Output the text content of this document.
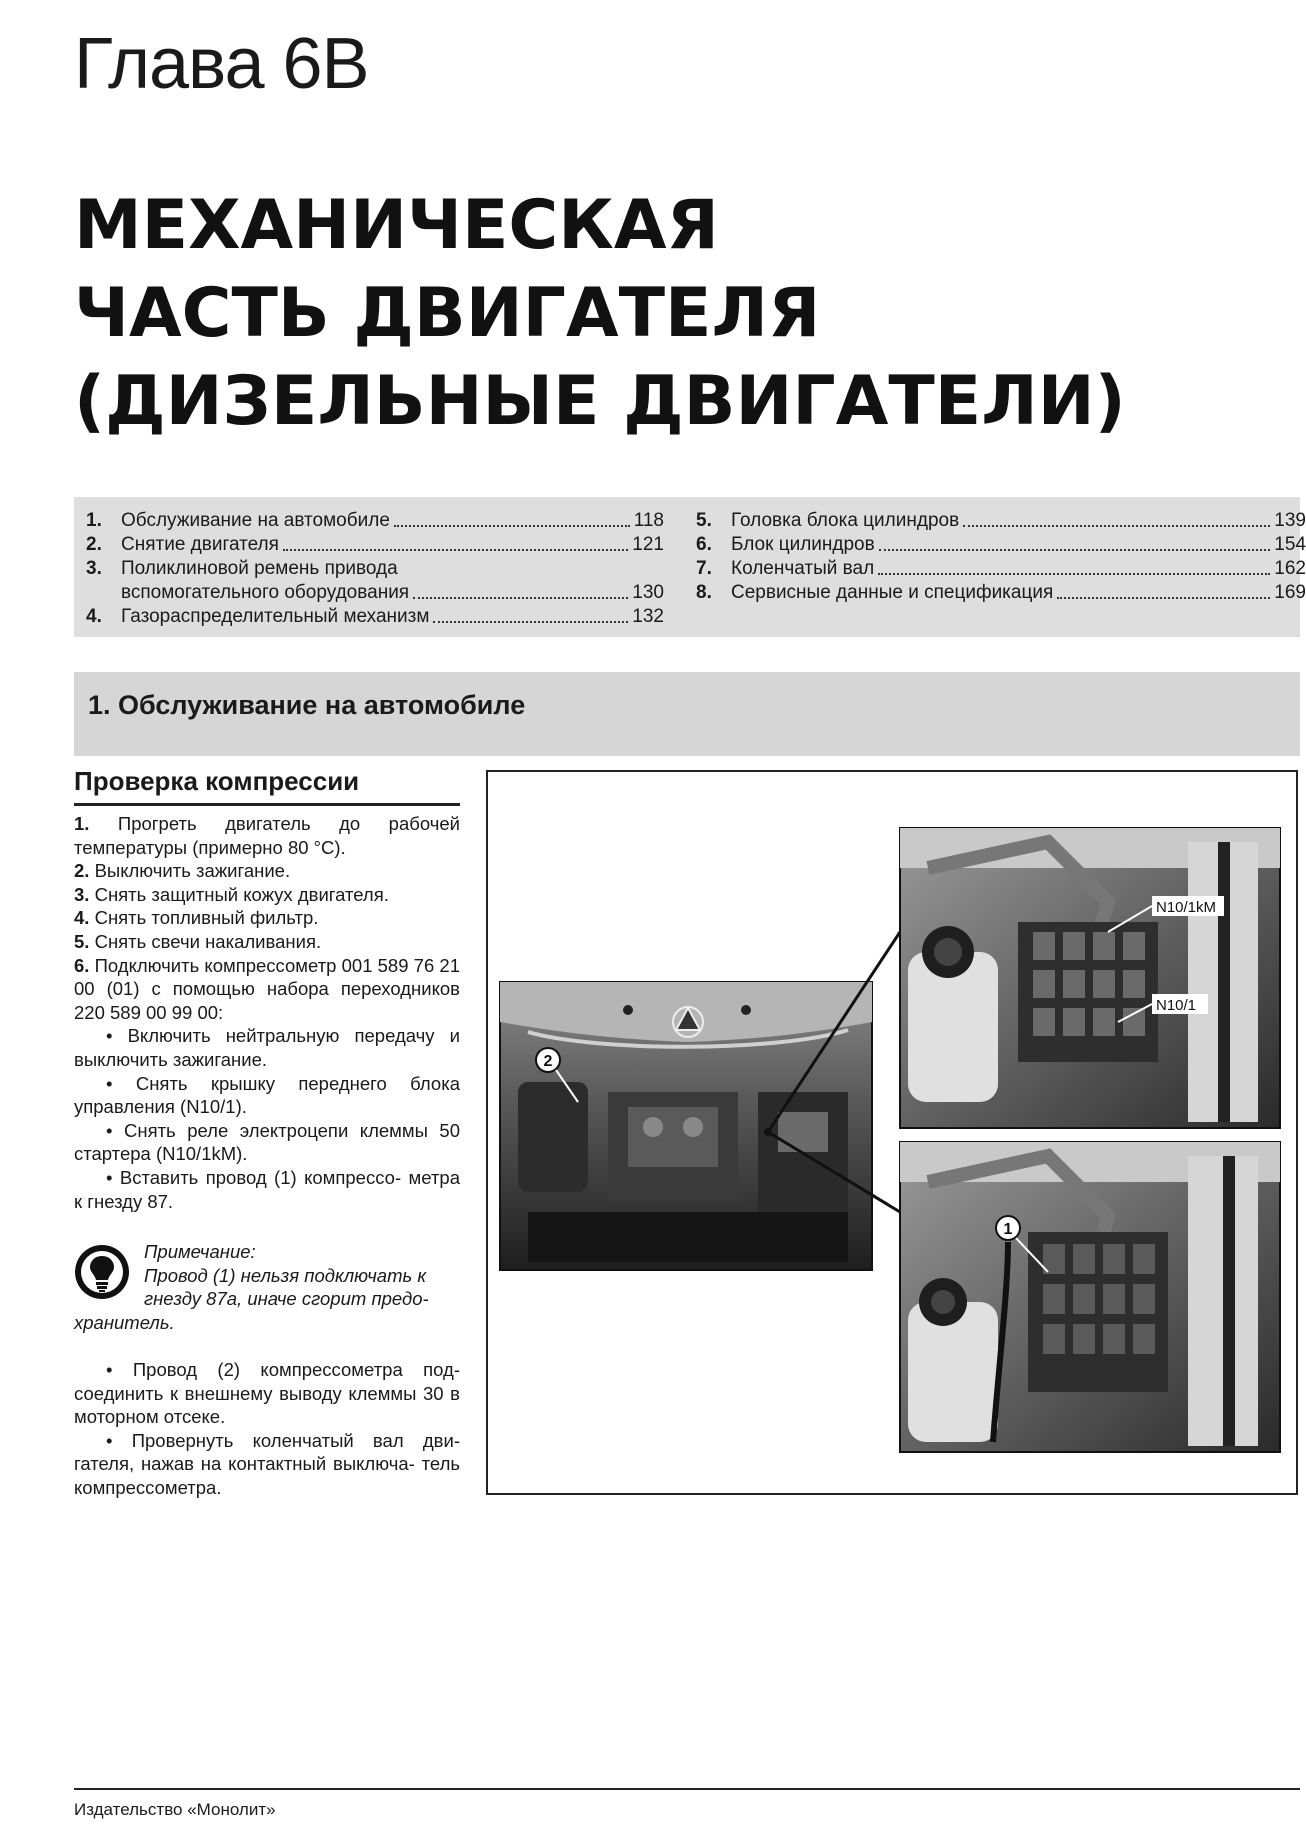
Глава 6В
МЕХАНИЧЕСКАЯ
ЧАСТЬ ДВИГАТЕЛЯ
(ДИЗЕЛЬНЫЕ ДВИГАТЕЛИ)
1.	Обслуживание на автомобиле	118
2.	Снятие двигателя	121
3.	Поликлиновой ремень привода
вспомогательного оборудования	130
4.	Газораспределительный механизм	132
5.	Головка блока цилиндров	139
6.	Блок цилиндров	154
7.	Коленчатый вал	162
8.	Сервисные данные и спецификация	169
1. Обслуживание на автомобиле
Проверка компрессии

1. Прогреть двигатель до рабочей температуры (примерно 80 °С).

2. Выключить зажигание.

3. Снять защитный кожух двигателя.

4. Снять топливный фильтр.

5. Снять свечи накаливания.

6. Подключить компрессометр 001 589 76 21 00 (01) с помощью набора переходников 220 589 00 99 00:

• Включить нейтральную передачу и выключить зажигание.

• Снять крышку переднего блока управления (N10/1).

• Снять реле электроцепи клеммы 50 стартера (N10/1kM).

• Вставить провод (1) компрессо- метра к гнезду 87.

Примечание:
Провод (1) нельзя подключать к
гнезду 87a, иначе сгорит предо-
хранитель.

• Провод (2) компрессометра под- соединить к внешнему выводу клеммы 30 в моторном отсеке.

• Провернуть коленчатый вал дви- гателя, нажав на контактный выключа- тель компрессометра.

2
N10/1kM
N10/1
1
Издательство «Монолит»
